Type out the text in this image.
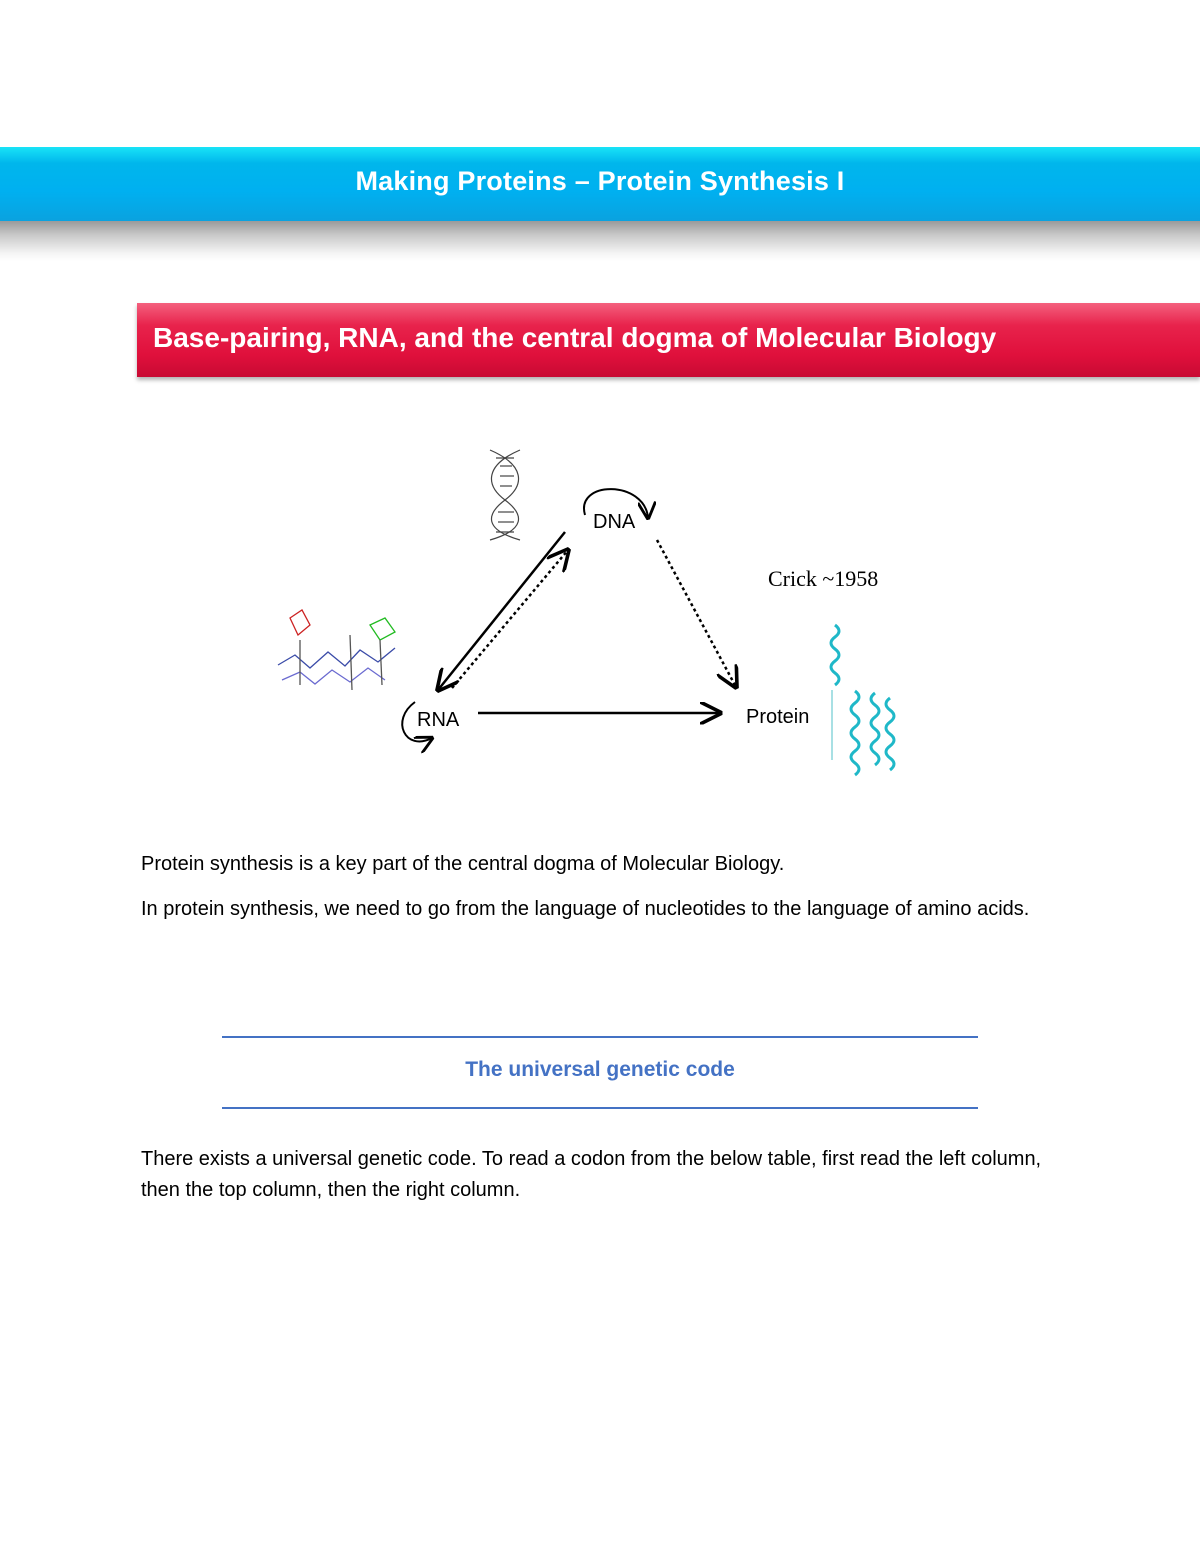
Making Proteins – Protein Synthesis I
Base-pairing, RNA, and the central dogma of Molecular Biology
DNA
RNA	Protein
Crick ~1958
Protein synthesis is a key part of the central dogma of Molecular Biology.
In protein synthesis, we need to go from the language of nucleotides to the language of amino acids.
The universal genetic code
There exists a universal genetic code. To read a codon from the below table, first read the left column, then the top column, then the right column.
